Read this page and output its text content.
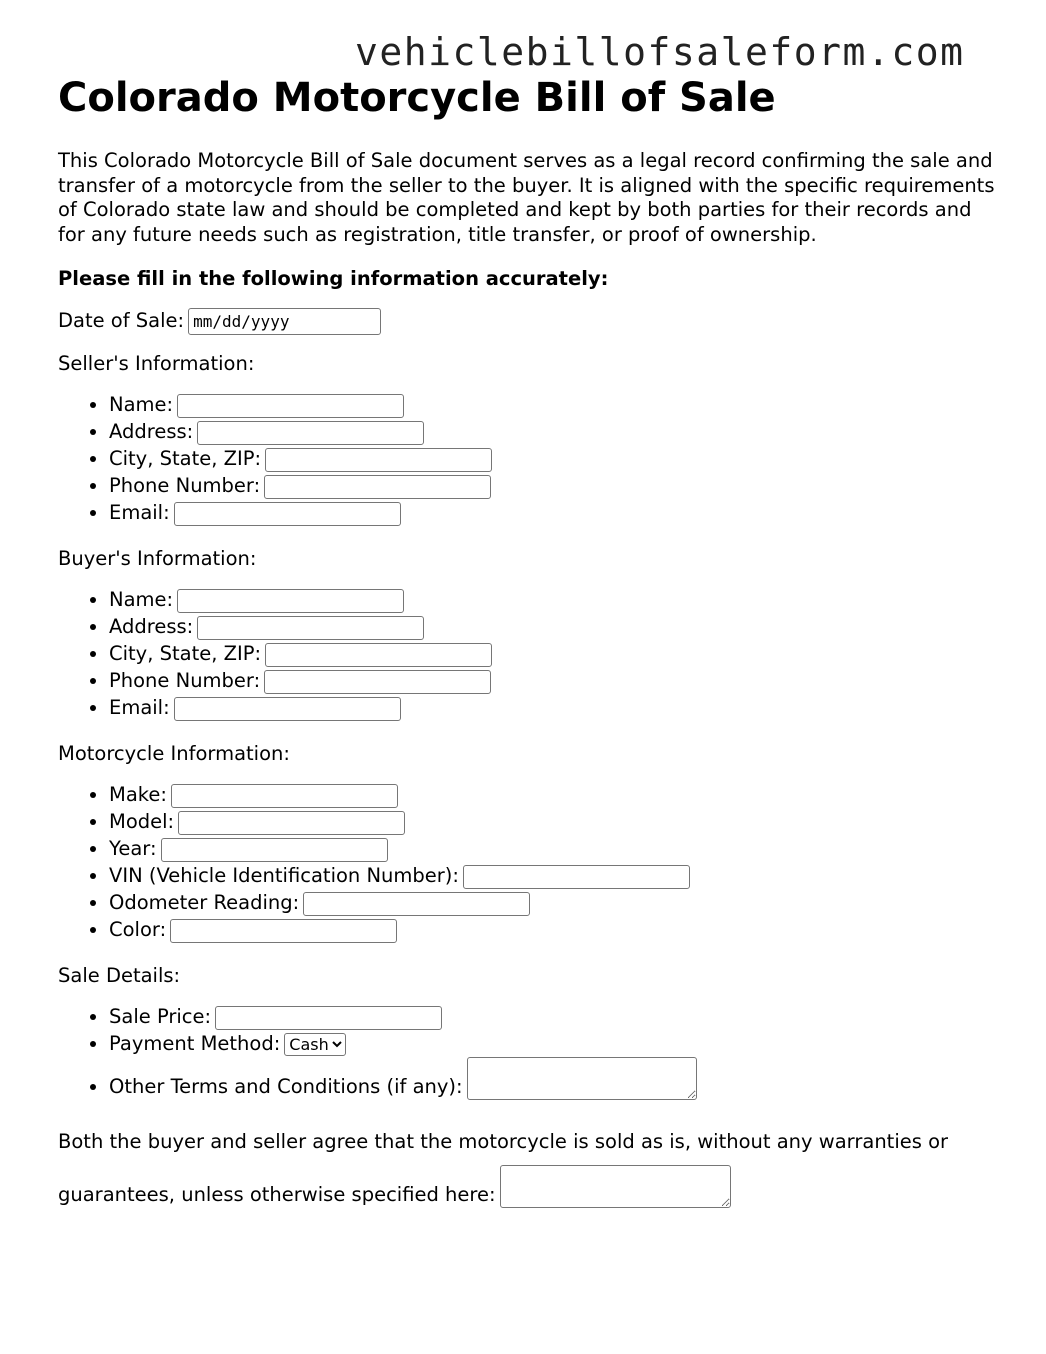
vehiclebillofsaleform.com
Colorado Motorcycle Bill of Sale

This Colorado Motorcycle Bill of Sale document serves as a legal record confirming the sale and transfer of a motorcycle from the seller to the buyer. It is aligned with the specific requirements of Colorado state law and should be completed and kept by both parties for their records and for any future needs such as registration, title transfer, or proof of ownership.

Please fill in the following information accurately:

Date of Sale: mm/dd/yyyy

Seller's Information:

• Name:
• Address:
• City, State, ZIP:
• Phone Number:
• Email:

Buyer's Information:

• Name:
• Address:
• City, State, ZIP:
• Phone Number:
• Email:

Motorcycle Information:

• Make:
• Model:
• Year:
• VIN (Vehicle Identification Number):
• Odometer Reading:
• Color:

Sale Details:

• Sale Price:
• Payment Method:
Cash
• Other Terms and Conditions (if any):

Both the buyer and seller agree that the motorcycle is sold as is, without any warranties or

guarantees, unless otherwise specified here:
